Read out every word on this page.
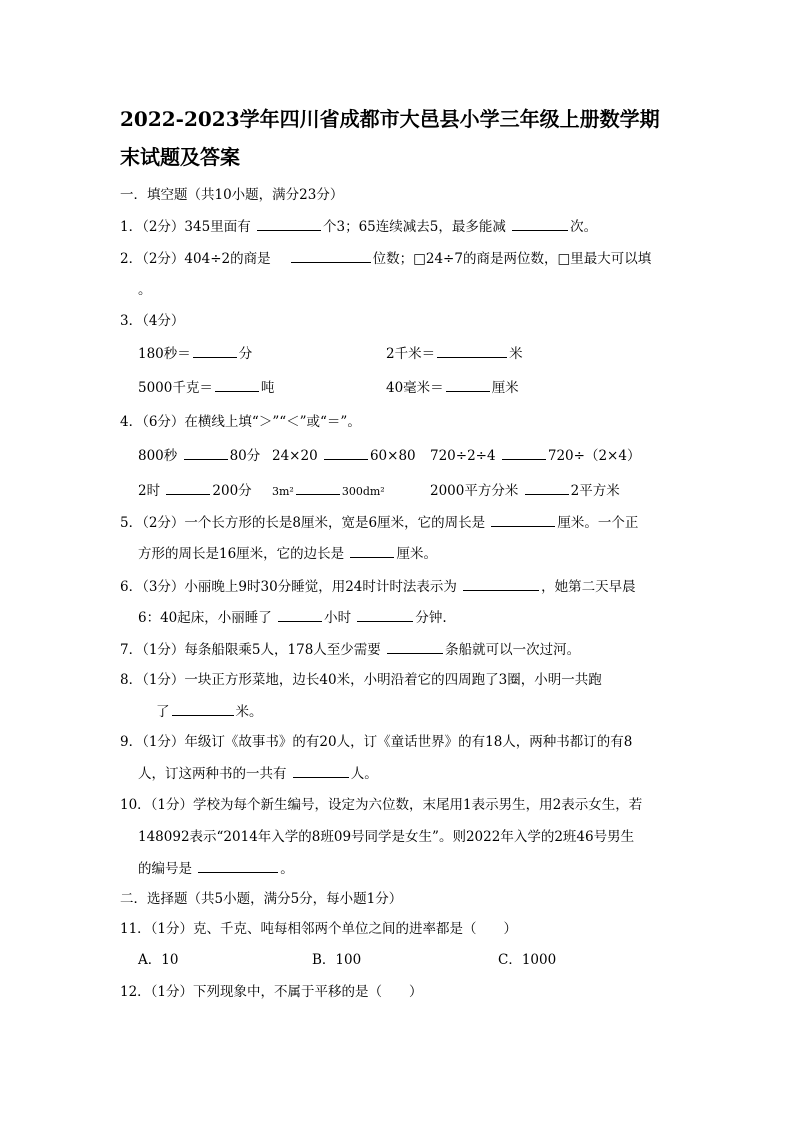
2022-2023学年四川省成都市大邑县小学三年级上册数学期
末试题及答案
一．填空题（共10小题，满分23分）
1．（2分）345里面有	个3；65连续减去5，最多能减	次。
2．（2分）404÷2的商是	位数；□24÷7的商是两位数，□里最大可以填
。
3．（4分）
180秒＝	分	2千米＝	米
5000千克＝	吨	40毫米＝	厘米
4．（6分）在横线上填“＞”“＜”或“＝”。
800秒	80分 24×20	60×80 720÷2÷4	720÷（2×4）
2时	200分 3m²	300dm²	2000平方分米	2平方米
5．（2分）一个长方形的长是8厘米，宽是6厘米，它的周长是	厘米。一个正
方形的周长是16厘米，它的边长是	厘米。
6．（3分）小丽晚上9时30分睡觉，用24时计时法表示为	，她第二天早晨
6：40起床，小丽睡了	小时	分钟.
7．（1分）每条船限乘5人，178人至少需要	条船就可以一次过河。
8．（1分）一块正方形菜地，边长40米，小明沿着它的四周跑了3圈，小明一共跑
了	米。
9．（1分）年级订《故事书》的有20人，订《童话世界》的有18人，两种书都订的有8
人，订这两种书的一共有	人。
10．（1分）学校为每个新生编号，设定为六位数，末尾用1表示男生，用2表示女生，若
148092表示“2014年入学的8班09号同学是女生”。则2022年入学的2班46号男生
的编号是	。
二．选择题（共5小题，满分5分，每小题1分）
11．（1分）克、千克、吨每相邻两个单位之间的进率都是（　　）
A．10	B．100	C．1000
12．（1分）下列现象中，不属于平移的是（　　）
